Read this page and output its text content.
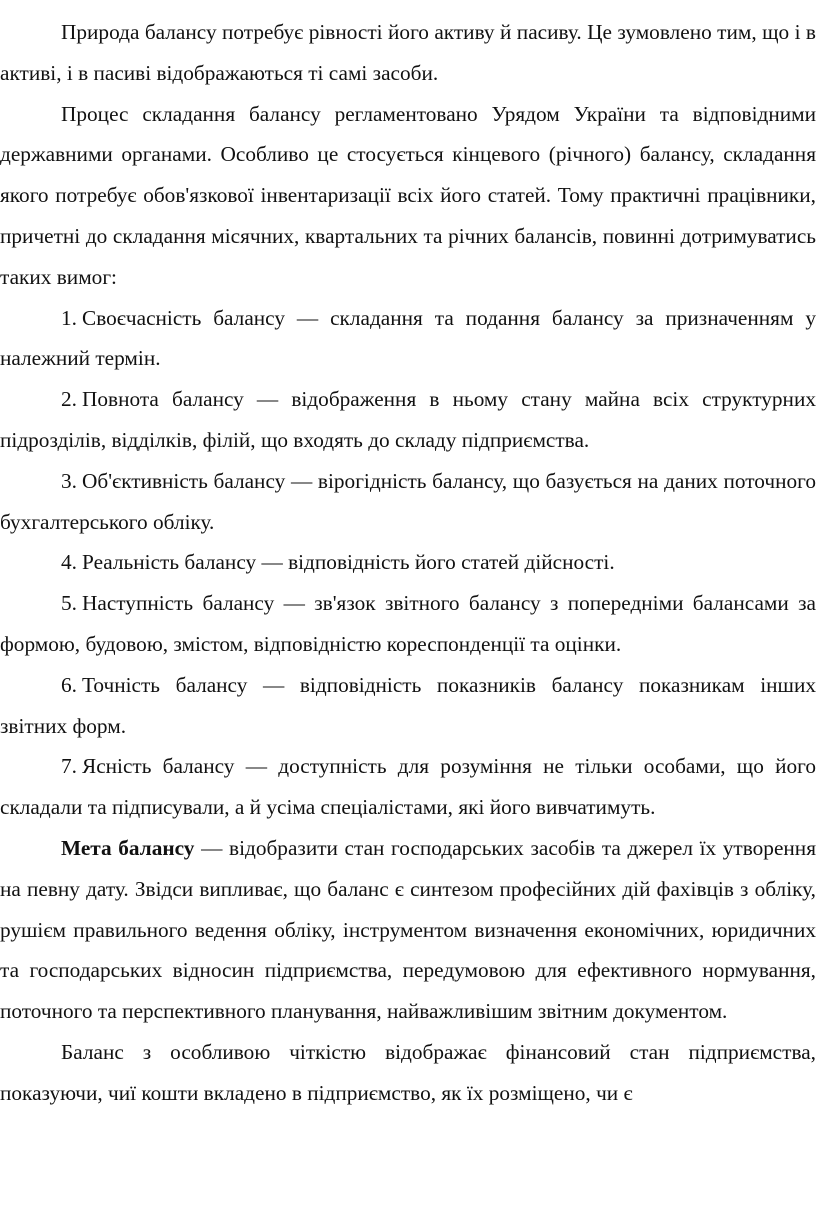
Природа балансу потребує рівності його активу й пасиву. Це зумовлено тим, що і в активі, і в пасиві відображаються ті самі засоби.

Процес складання балансу регламентовано Урядом України та відповідними державними органами. Особливо це стосується кінцевого (річного) балансу, складання якого потребує обов'язкової інвентаризації всіх його статей. Тому практичні працівники, причетні до складання місячних, квартальних та річних балансів, повинні дотримуватись таких вимог:

1. Своєчасність балансу — складання та подання балансу за призначенням у належний термін.

2. Повнота балансу — відображення в ньому стану майна всіх структурних підрозділів, відділків, філій, що входять до складу підприємства.

3. Об'єктивність балансу — вірогідність балансу, що базується на даних поточного бухгалтерського обліку.

4. Реальність балансу — відповідність його статей дійсності.

5. Наступність балансу — зв'язок звітного балансу з попередніми балансами за формою, будовою, змістом, відповідністю кореспонденції та оцінки.

6. Точність балансу — відповідність показників балансу показникам інших звітних форм.

7. Ясність балансу — доступність для розуміння не тільки особами, що його складали та підписували, а й усіма спеціалістами, які його вивчатимуть.

Мета балансу — відобразити стан господарських засобів та джерел їх утворення на певну дату. Звідси випливає, що баланс є синтезом професійних дій фахівців з обліку, рушієм правильного ведення обліку, інструментом визначення економічних, юридичних та господарських відносин підприємства, передумовою для ефективного нормування, поточного та перспективного планування, найважливішим звітним документом.

Баланс з особливою чіткістю відображає фінансовий стан підприємства, показуючи, чиї кошти вкладено в підприємство, як їх розміщено, чи є
